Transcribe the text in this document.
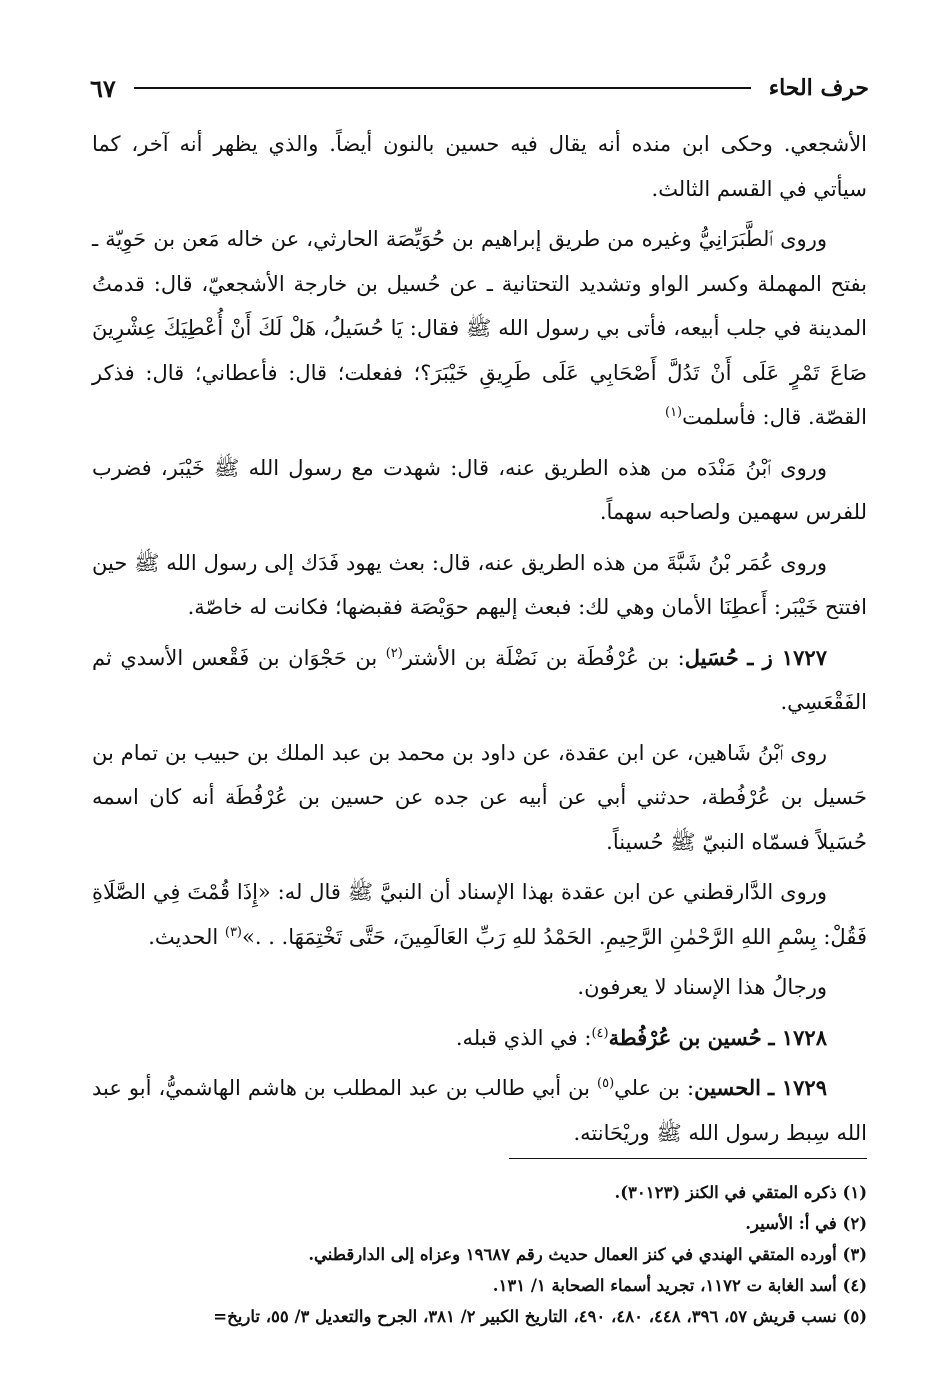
حرف الحاء
٦٧

الأشجعي. وحكى ابن منده أنه يقال فيه حسين بالنون أيضاً. والذي يظهر أنه آخر، كما سيأتي في القسم الثالث.

وروى ٱلطَّبَرَانِيُّ وغيره من طريق إبراهيم بن حُوَيِّصَة الحارثي، عن خاله مَعن بن حَوِيّة ـ بفتح المهملة وكسر الواو وتشديد التحتانية ـ عن حُسيل بن خارجة الأشجعيّ، قال: قدمتُ المدينة في جلب أبيعه، فأتى بي رسول الله ﷺ فقال: يَا حُسَيلُ، هَلْ لَكَ أَنْ أُعْطِيَكَ عِشْرِينَ صَاعَ تَمْرٍ عَلَى أَنْ تَدُلَّ أَصْحَابِي عَلَى طَرِيقِ خَيْبَرَ؟؛ ففعلت؛ قال: فأعطاني؛ قال: فذكر القصّة. قال: فأسلمت$^{(١)}$

وروى ٱبْنُ مَنْدَه من هذه الطريق عنه، قال: شهدت مع رسول الله ﷺ خَيْبَر، فضرب للفرس سهمين ولصاحبه سهماً.

وروى عُمَر بْنُ شَبَّةَ من هذه الطريق عنه، قال: بعث يهود فَدَك إلى رسول الله ﷺ حين افتتح خَيْبَر: أَعطِنَا الأمان وهي لك: فبعث إليهم حوَيْصَة فقبضها؛ فكانت له خاصّة.

١٧٢٧ ز ـ حُسَيل: بن عُرْفُطَة بن نَضْلَة بن الأشتر$^{(٢)}$ بن حَجْوَان بن فَقْعس الأسدي ثم الفَقْعَسِي.

روى ٱبْنُ شَاهين، عن ابن عقدة، عن داود بن محمد بن عبد الملك بن حبيب بن تمام بن حَسيل بن عُرْفُطة، حدثني أبي عن أبيه عن جده عن حسين بن عُرْفُطَة أنه كان اسمه حُسَيلاً فسمّاه النبيّ ﷺ حُسيناً.

وروى الدَّارقطني عن ابن عقدة بهذا الإسناد أن النبيَّ ﷺ قال له: «إِذَا قُمْتَ فِي الصَّلَاةِ فَقُلْ: بِسْمِ اللهِ الرَّحْمٰنِ الرَّحِيمِ. الحَمْدُ للهِ رَبِّ العَالَمِينَ، حَتَّى تَخْتِمَهَا. . .»$^{(٣)}$ الحديث.

ورجالُ هذا الإسناد لا يعرفون.

١٧٢٨ ـ حُسين بن عُرْفُطة$^{(٤)}$: في الذي قبله.

١٧٢٩ ـ الحسين: بن علي$^{(٥)}$ بن أبي طالب بن عبد المطلب بن هاشم الهاشميُّ، أبو عبد الله سِبط رسول الله ﷺ وريْحَانته.

(١) ذكره المتقي في الكنز (٣٠١٢٣).
(٢) في أ: الأسير.
(٣) أورده المتقي الهندي في كنز العمال حديث رقم ١٩٦٨٧ وعزاه إلى الدارقطني.
(٤) أسد الغابة ت ١١٧٢، تجريد أسماء الصحابة ١/ ١٣١.
(٥) نسب قريش ٥٧، ٣٩٦، ٤٤٨، ٤٨٠، ٤٩٠، التاريخ الكبير ٢/ ٣٨١، الجرح والتعديل ٣/ ٥٥، تاريخ=
